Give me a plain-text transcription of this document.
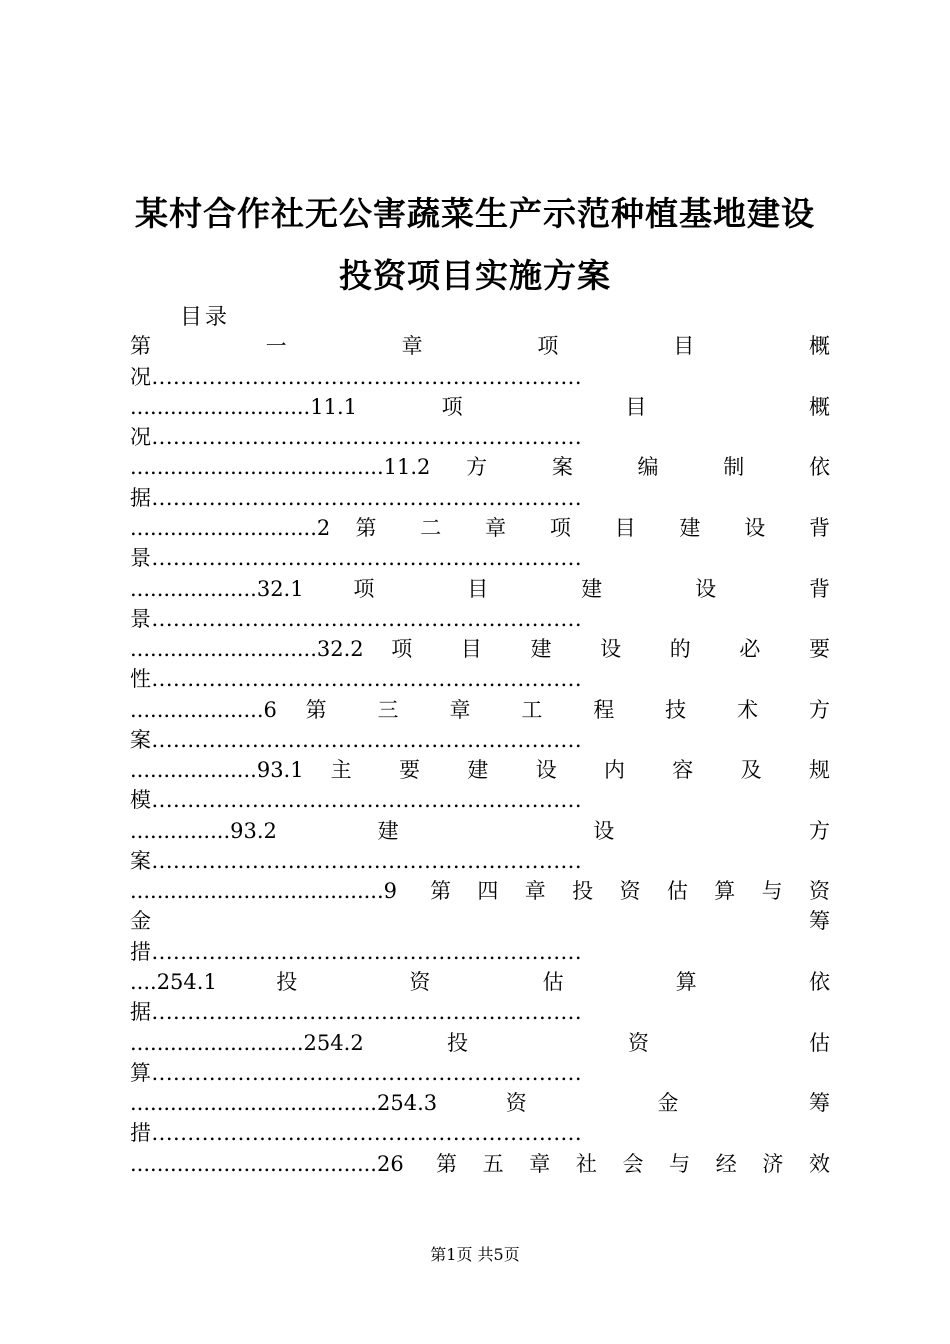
某村合作社无公害蔬菜生产示范种植基地建设
投资项目实施方案
目录
第 一 章 项 目 概
况............................................................
...........................11.1 项 目 概
况............................................................
......................................11.2 方 案 编 制 依
据............................................................
............................2 第 二 章 项 目 建 设 背
景............................................................
...................32.1 项 目 建 设 背
景............................................................
............................32.2 项 目 建 设 的 必 要
性............................................................
....................6 第 三 章 工 程 技 术 方
案............................................................
...................93.1 主 要 建 设 内 容 及 规
模............................................................
...............93.2 建 设 方
案............................................................
......................................9 第四章投资估算与资
金 筹
措............................................................
....254.1 投 资 估 算 依
据............................................................
..........................254.2 投 资 估
算............................................................
.....................................254.3 资 金 筹
措............................................................
.....................................26 第五章社会与经济效
第1页 共5页
